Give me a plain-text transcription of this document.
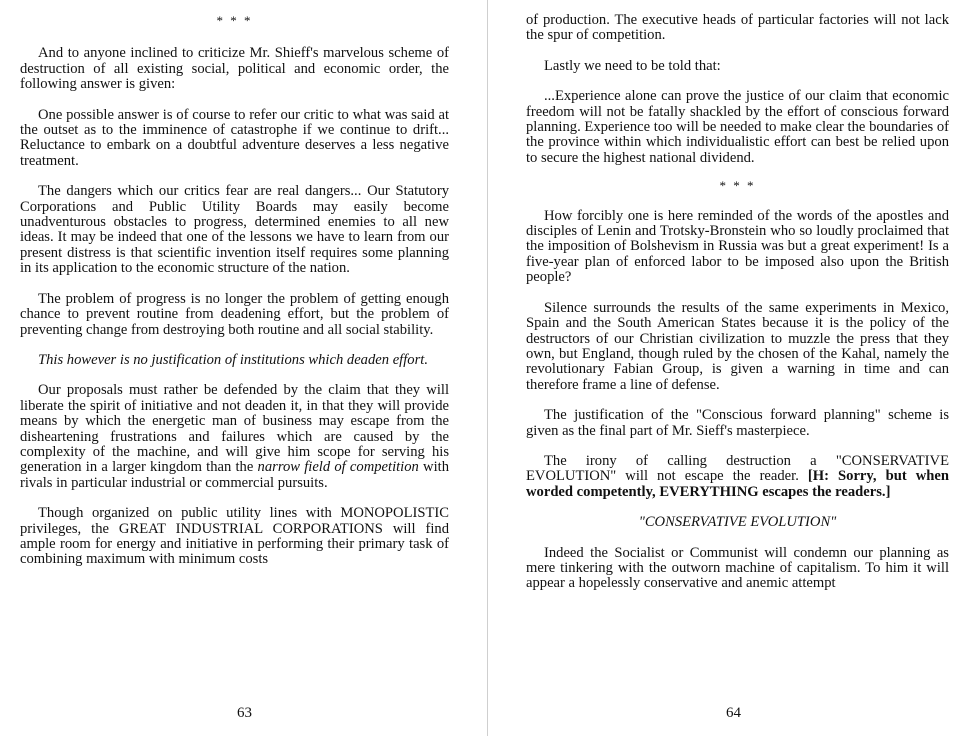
* * *

And to anyone inclined to criticize Mr. Shieff's marvelous scheme of destruction of all existing social, political and economic order, the following answer is given:

One possible answer is of course to refer our critic to what was said at the outset as to the imminence of catastrophe if we continue to drift... Reluctance to embark on a doubtful adventure deserves a less negative treatment.

The dangers which our critics fear are real dangers... Our Statutory Corporations and Public Utility Boards may easily become unadventurous obstacles to progress, determined enemies to all new ideas. It may be indeed that one of the lessons we have to learn from our present distress is that scientific invention itself requires some planning in its application to the economic structure of the nation.

The problem of progress is no longer the problem of getting enough chance to prevent routine from deadening effort, but the problem of preventing change from destroying both routine and all social stability.

This however is no justification of institutions which deaden effort.

Our proposals must rather be defended by the claim that they will liberate the spirit of initiative and not deaden it, in that they will provide means by which the energetic man of business may escape from the disheartening frustrations and failures which are caused by the complexity of the machine, and will give him scope for serving his generation in a larger kingdom than the narrow field of competition with rivals in particular industrial or commercial pursuits.

Though organized on public utility lines with MONOPOLISTIC privileges, the GREAT INDUSTRIAL CORPORATIONS will find ample room for energy and initiative in performing their primary task of combining maximum with minimum costs

63

of production. The executive heads of particular factories will not lack the spur of competition.

Lastly we need to be told that:

...Experience alone can prove the justice of our claim that economic freedom will not be fatally shackled by the effort of conscious forward planning. Experience too will be needed to make clear the boundaries of the province within which individualistic effort can best be relied upon to secure the highest national dividend.

* * *

How forcibly one is here reminded of the words of the apostles and disciples of Lenin and Trotsky-Bronstein who so loudly proclaimed that the imposition of Bolshevism in Russia was but a great experiment! Is a five-year plan of enforced labor to be imposed also upon the British people?

Silence surrounds the results of the same experiments in Mexico, Spain and the South American States because it is the policy of the destructors of our Christian civilization to muzzle the press that they own, but England, though ruled by the chosen of the Kahal, namely the revolutionary Fabian Group, is given a warning in time and can therefore frame a line of defense.

The justification of the "Conscious forward planning" scheme is given as the final part of Mr. Sieff's masterpiece.

The irony of calling destruction a "CONSERVATIVE EVOLUTION" will not escape the reader. [H: Sorry, but when worded competently, EVERYTHING escapes the readers.]

"CONSERVATIVE EVOLUTION"

Indeed the Socialist or Communist will condemn our planning as mere tinkering with the outworn machine of capitalism. To him it will appear a hopelessly conservative and anemic attempt

64
